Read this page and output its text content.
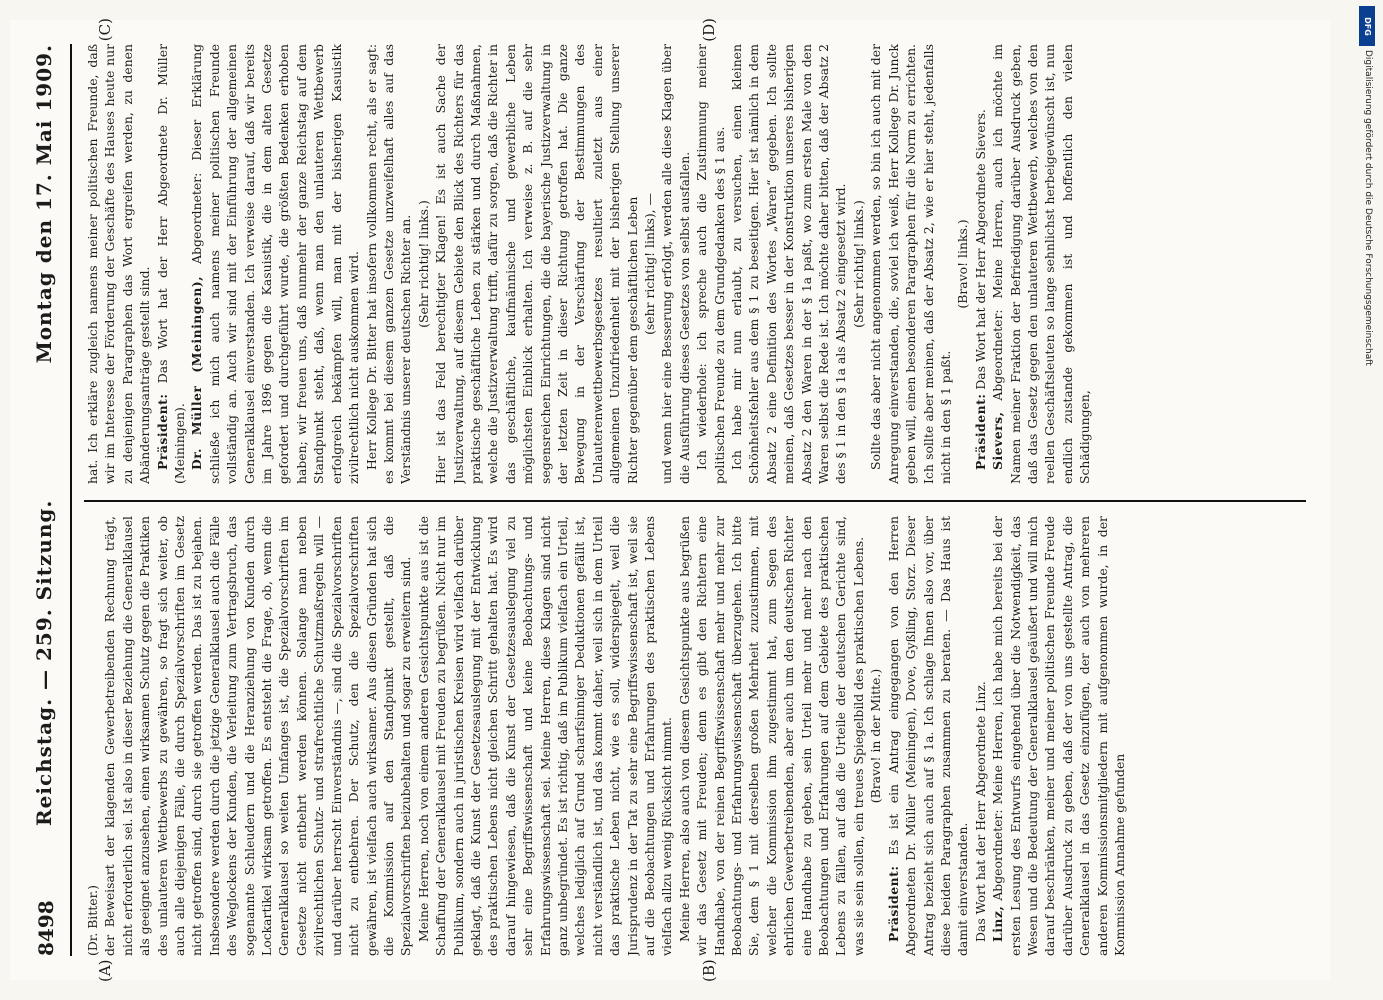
8498
Reichstag. — 259. Sitzung.
Montag den 17. Mai 1909.
(A)	(B)
(C)	(D)

(Dr. Bitter.) der Beweisart der klagenden Gewerbetreibenden Rechnung trägt, nicht erforderlich sei. Ist also in dieser Beziehung die Generalklausel als geeignet anzusehen, einen wirksamen Schutz gegen die Praktiken des unlauteren Wettbewerbs zu gewähren, so fragt sich weiter, ob auch alle diejenigen Fälle, die durch Spezialvorschriften im Gesetz nicht getroffen sind, durch sie getroffen werden. Das ist zu bejahen. Insbesondere werden durch die jetzige Generalklausel auch die Fälle des Weglockens der Kunden, die Verleitung zum Vertragsbruch, das sogenannte Schleudern und die Heranziehung von Kunden durch Lockartikel wirksam getroffen. Es entsteht die Frage, ob, wenn die Generalklausel so weiten Umfanges ist, die Spezialvorschriften im Gesetze nicht entbehrt werden können. Solange man neben zivilrechtlichen Schutz- und strafrechtliche Schutzmaßregeln will — und darüber herrscht Einverständnis —, sind die Spezialvorschriften nicht zu entbehren. Der Schutz, den die Spezialvorschriften gewähren, ist vielfach auch wirksamer. Aus diesen Gründen hat sich die Kommission auf den Standpunkt gestellt, daß die Spezialvorschriften beizubehalten und sogar zu erweitern sind. Meine Herren, noch von einem anderen Gesichtspunkte aus ist die Schaffung der Generalklausel mit Freuden zu begrüßen. Nicht nur im Publikum, sondern auch in juristischen Kreisen wird vielfach darüber geklagt, daß die Kunst der Gesetzesauslegung mit der Entwicklung des praktischen Lebens nicht gleichen Schritt gehalten hat. Es wird darauf hingewiesen, daß die Kunst der Gesetzesauslegung viel zu sehr eine Begriffswissenschaft und keine Beobachtungs- und Erfahrungswissenschaft sei. Meine Herren, diese Klagen sind nicht ganz unbegründet. Es ist richtig, daß im Publikum vielfach ein Urteil, welches lediglich auf Grund scharfsinniger Deduktionen gefällt ist, nicht verständlich ist, und das kommt daher, weil sich in dem Urteil das praktische Leben nicht, wie es soll, widerspiegelt, weil die Jurisprudenz in der Tat zu sehr eine Begriffswissenschaft ist, weil sie auf die Beobachtungen und Erfahrungen des praktischen Lebens vielfach allzu wenig Rücksicht nimmt. Meine Herren, also auch von diesem Gesichtspunkte aus begrüßen wir das Gesetz mit Freuden; denn es gibt den Richtern eine Handhabe, von der reinen Begriffswissenschaft mehr und mehr zur Beobachtungs- und Erfahrungswissenschaft überzugehen. Ich bitte Sie, dem § 1 mit derselben großen Mehrheit zuzustimmen, mit welcher die Kommission ihm zugestimmt hat, zum Segen des ehrlichen Gewerbetreibenden, aber auch um den deutschen Richter eine Handhabe zu geben, sein Urteil mehr und mehr nach den Beobachtungen und Erfahrungen auf dem Gebiete des praktischen Lebens zu fällen, auf daß die Urteile der deutschen Gerichte sind, was sie sein sollen, ein treues Spiegelbild des praktischen Lebens. (Bravo! in der Mitte.)

Präsident: Es ist ein Antrag eingegangen von den Herren Abgeordneten Dr. Müller (Meiningen), Dove, Gyßling, Storz. Dieser Antrag bezieht sich auch auf § 1a. Ich schlage Ihnen also vor, über diese beiden Paragraphen zusammen zu beraten. — Das Haus ist damit einverstanden. Das Wort hat der Herr Abgeordnete Linz. Linz, Abgeordneter: Meine Herren, ich habe mich bereits bei der ersten Lesung des Entwurfs eingehend über die Notwendigkeit, das Wesen und die Bedeutung der Generalklausel geäußert und will mich darauf beschränken, meiner und meiner politischen Freunde Freude darüber Ausdruck zu geben, daß der von uns gestellte Antrag, die Generalklausel in das Gesetz einzufügen, der auch von mehreren anderen Kommissionsmitgliedern mit aufgenommen wurde, in der Kommission Annahme gefunden

hat. Ich erkläre zugleich namens meiner politischen Freunde, daß wir im Interesse der Förderung der Geschäfte des Hauses heute nur zu denjenigen Paragraphen das Wort ergreifen werden, zu denen Abänderungsanträge gestellt sind. Präsident: Das Wort hat der Herr Abgeordnete Dr. Müller (Meiningen). Dr. Müller (Meiningen), Abgeordneter: Dieser Erklärung schließe ich mich auch namens meiner politischen Freunde vollständig an. Auch wir sind mit der Einführung der allgemeinen Generalklausel einverstanden. Ich verweise darauf, daß wir bereits im Jahre 1896 gegen die Kasuistik, die in dem alten Gesetze gefordert und durchgeführt wurde, die größten Bedenken erhoben haben; wir freuen uns, daß nunmehr der ganze Reichstag auf dem Standpunkt steht, daß, wenn man den unlauteren Wettbewerb erfolgreich bekämpfen will, man mit der bisherigen Kasuistik zivilrechtlich nicht auskommen wird. Herr Kollege Dr. Bitter hat insofern vollkommen recht, als er sagt: es kommt bei diesem ganzen Gesetze unzweifelhaft alles auf das Verständnis unserer deutschen Richter an. (Sehr richtig! links.) Hier ist das Feld berechtigter Klagen! Es ist auch Sache der Justizverwaltung, auf diesem Gebiete den Blick des Richters für das praktische geschäftliche Leben zu stärken und durch Maßnahmen, welche die Justizverwaltung trifft, dafür zu sorgen, daß die Richter in das geschäftliche, kaufmännische und gewerbliche Leben möglichsten Einblick erhalten. Ich verweise z. B. auf die sehr segensreichen Einrichtungen, die die bayerische Justizverwaltung in der letzten Zeit in dieser Richtung getroffen hat. Die ganze Bewegung in der Verschärfung der Bestimmungen des Unlauterenwettbewerbsgesetzes resultiert zuletzt aus einer allgemeinen Unzufriedenheit mit der bisherigen Stellung unserer Richter gegenüber dem geschäftlichen Leben (sehr richtig! links), — und wenn hier eine Besserung erfolgt, werden alle diese Klagen über die Ausführung dieses Gesetzes von selbst ausfallen. Ich wiederhole: ich spreche auch die Zustimmung meiner politischen Freunde zu dem Grundgedanken des § 1 aus. Ich habe mir nun erlaubt, zu versuchen, einen kleinen Schönheitsfehler aus dem § 1 zu beseitigen. Hier ist nämlich in dem Absatz 2 eine Definition des Wortes „Waren“ gegeben. Ich sollte meinen, daß Gesetzes besser in der Konstruktion unseres bisherigen Absatz 2 den Waren in der § 1a paßt, wo zum ersten Male von den Waren selbst die Rede ist. Ich möchte daher bitten, daß der Absatz 2 des § 1 in den § 1a als Absatz 2 eingesetzt wird. (Sehr richtig! links.) Sollte das aber nicht angenommen werden, so bin ich auch mit der Anregung einverstanden, die, soviel ich weiß, Herr Kollege Dr. Junck geben will, einen besonderen Paragraphen für die Norm zu errichten. Ich sollte aber meinen, daß der Absatz 2, wie er hier steht, jedenfalls nicht in den § 1 paßt.

(Bravo! links.)

Präsident: Das Wort hat der Herr Abgeordnete Sievers.

Sievers, Abgeordneter: Meine Herren, auch ich möchte im Namen meiner Fraktion der Befriedigung darüber Ausdruck geben, daß das Gesetz gegen den unlauteren Wettbewerb, welches von den reellen Geschäftsleuten so lange sehnlichst herbeigewünscht ist, nun endlich zustande gekommen ist und hoffentlich den vielen Schädigungen,

DFG
Digitalisierung gefördert durch die Deutsche Forschungsgemeinschaft
